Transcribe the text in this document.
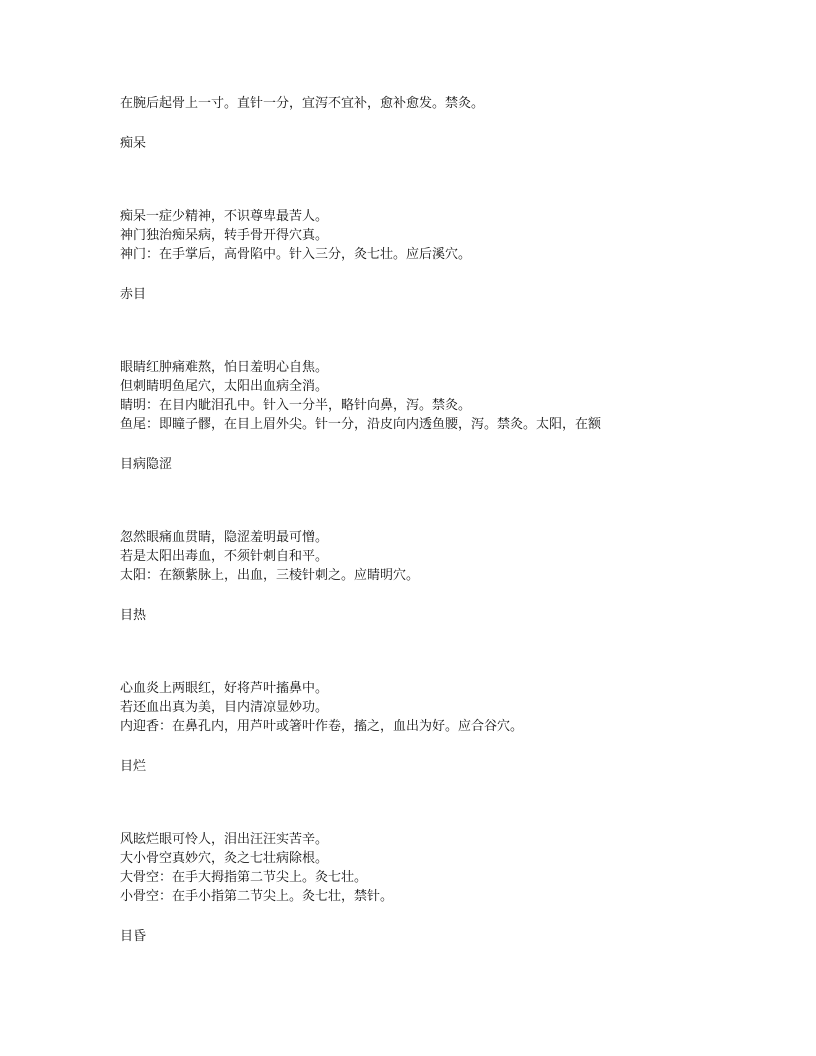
在腕后起骨上一寸。直针一分，宜泻不宜补，愈补愈发。禁灸。
痴呆
痴呆一症少精神，不识尊卑最苦人。
神门独治痴呆病，转手骨开得穴真。
神门：在手掌后，高骨陷中。针入三分，灸七壮。应后溪穴。
赤目
眼睛红肿痛难熬，怕日羞明心自焦。
但刺睛明鱼尾穴，太阳出血病全消。
睛明：在目内眦泪孔中。针入一分半，略针向鼻，泻。禁灸。
鱼尾：即瞳子髎，在目上眉外尖。针一分，沿皮向内透鱼腰，泻。禁灸。太阳，在额
目病隐涩
忽然眼痛血贯睛，隐涩羞明最可憎。
若是太阳出毒血，不须针刺自和平。
太阳：在额紫脉上，出血，三棱针刺之。应睛明穴。
目热
心血炎上两眼红，好将芦叶搐鼻中。
若还血出真为美，目内清凉显妙功。
内迎香：在鼻孔内，用芦叶或箸叶作卷，搐之，血出为好。应合谷穴。
目烂
风眩烂眼可怜人，泪出汪汪实苦辛。
大小骨空真妙穴，灸之七壮病除根。
大骨空：在手大拇指第二节尖上。灸七壮。
小骨空：在手小指第二节尖上。灸七壮，禁针。
目昏
